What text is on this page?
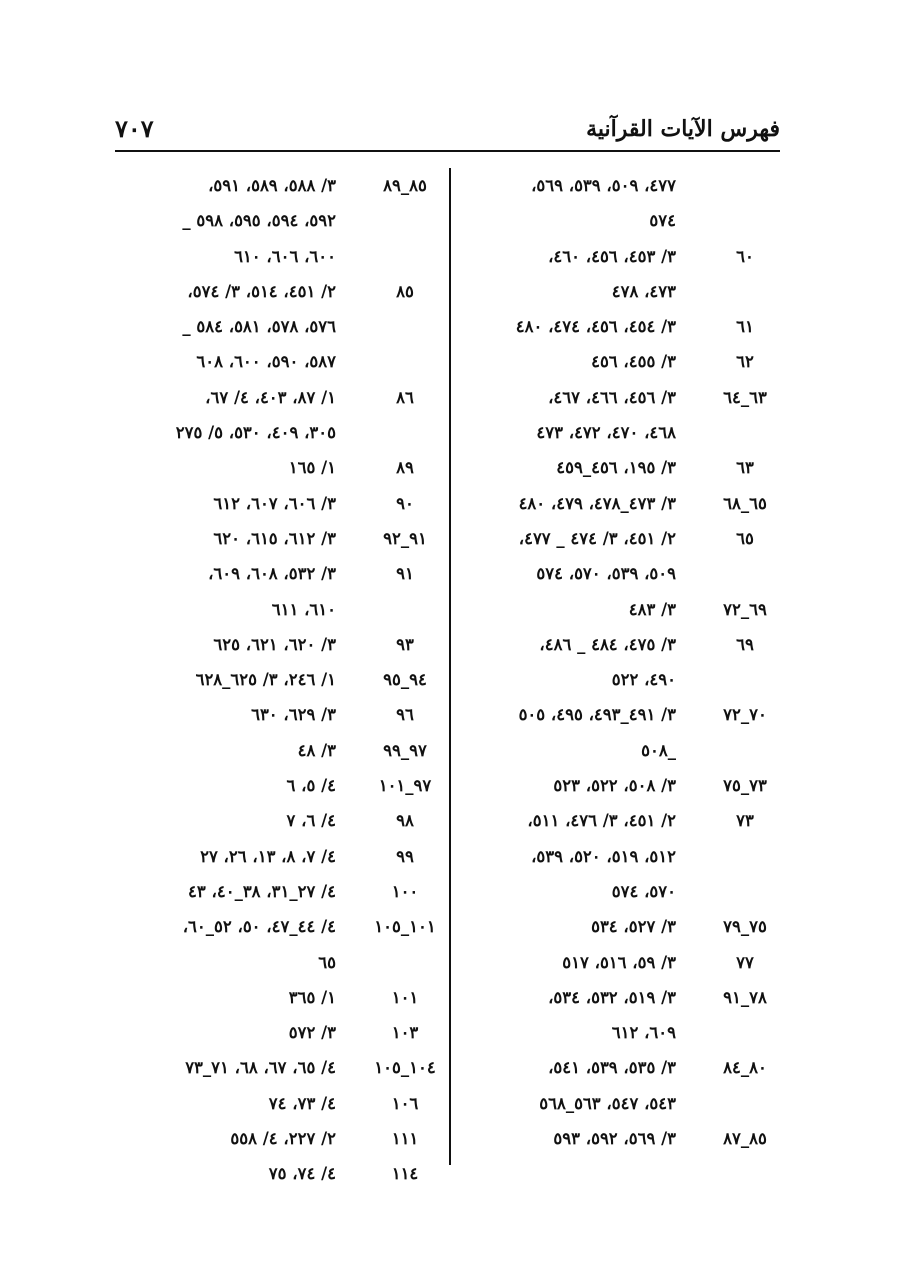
فهرس الآيات القرآنية
٧٠٧
٤٧٧، ٥٠٩، ٥٣٩، ٥٦٩،
٥٧٤
٦٠
٣/ ٤٥٣، ٤٥٦، ٤٦٠،
٤٧٣، ٤٧٨
٦١
٣/ ٤٥٤، ٤٥٦، ٤٧٤، ٤٨٠
٦٢
٣/ ٤٥٥، ٤٥٦
٦٣_٦٤
٣/ ٤٥٦، ٤٦٦، ٤٦٧،
٤٦٨، ٤٧٠، ٤٧٢، ٤٧٣
٦٣
٣/ ١٩٥، ٤٥٦_٤٥٩
٦٥_٦٨
٣/ ٤٧٣_٤٧٨، ٤٧٩، ٤٨٠
٦٥
٢/ ٤٥١، ٣/ ٤٧٤ _ ٤٧٧،
٥٠٩، ٥٣٩، ٥٧٠، ٥٧٤
٦٩_٧٢
٣/ ٤٨٣
٦٩
٣/ ٤٧٥، ٤٨٤ _ ٤٨٦،
٤٩٠، ٥٢٢
٧٠_٧٢
٣/ ٤٩١_٤٩٣، ٤٩٥، ٥٠٥
_٥٠٨
٧٣_٧٥
٣/ ٥٠٨، ٥٢٢، ٥٢٣
٧٣
٢/ ٤٥١، ٣/ ٤٧٦، ٥١١،
٥١٢، ٥١٩، ٥٢٠، ٥٣٩،
٥٧٠، ٥٧٤
٧٥_٧٩
٣/ ٥٢٧، ٥٣٤
٧٧
٣/ ٥٩، ٥١٦، ٥١٧
٧٨_٩١
٣/ ٥١٩، ٥٣٢، ٥٣٤،
٦٠٩، ٦١٢
٨٠_٨٤
٣/ ٥٣٥، ٥٣٩، ٥٤١،
٥٤٣، ٥٤٧، ٥٦٣_٥٦٨
٨٥_٨٧
٣/ ٥٦٩، ٥٩٢، ٥٩٣
٨٥_٨٩
٣/ ٥٨٨، ٥٨٩، ٥٩١،
٥٩٢، ٥٩٤، ٥٩٥، ٥٩٨ _
٦٠٠، ٦٠٦، ٦١٠
٨٥
٢/ ٤٥١، ٥١٤، ٣/ ٥٧٤،
٥٧٦، ٥٧٨، ٥٨١، ٥٨٤ _
٥٨٧، ٥٩٠، ٦٠٠، ٦٠٨
٨٦
١/ ٨٧، ٤٠٣، ٤/ ٦٧،
٣٠٥، ٤٠٩، ٥٣٠، ٥/ ٢٧٥
٨٩
١/ ١٦٥
٩٠
٣/ ٦٠٦، ٦٠٧، ٦١٢
٩١_٩٢
٣/ ٦١٢، ٦١٥، ٦٢٠
٩١
٣/ ٥٣٢، ٦٠٨، ٦٠٩،
٦١٠، ٦١١
٩٣
٣/ ٦٢٠، ٦٢١، ٦٢٥
٩٤_٩٥
١/ ٢٤٦، ٣/ ٦٢٥_٦٢٨
٩٦
٣/ ٦٢٩، ٦٣٠
٩٧_٩٩
٣/ ٤٨
٩٧_١٠١
٤/ ٥، ٦
٩٨
٤/ ٦، ٧
٩٩
٤/ ٧، ٨، ١٣، ٢٦، ٢٧
١٠٠
٤/ ٢٧_٣١، ٣٨_٤٠، ٤٣
١٠١_١٠٥
٤/ ٤٤_٤٧، ٥٠، ٥٢_٦٠،
٦٥
١٠١
١/ ٣٦٥
١٠٣
٣/ ٥٧٢
١٠٤_١٠٥
٤/ ٦٥، ٦٧، ٦٨، ٧١_٧٣
١٠٦
٤/ ٧٣، ٧٤
١١١
٢/ ٢٢٧، ٤/ ٥٥٨
١١٤
٤/ ٧٤، ٧٥
